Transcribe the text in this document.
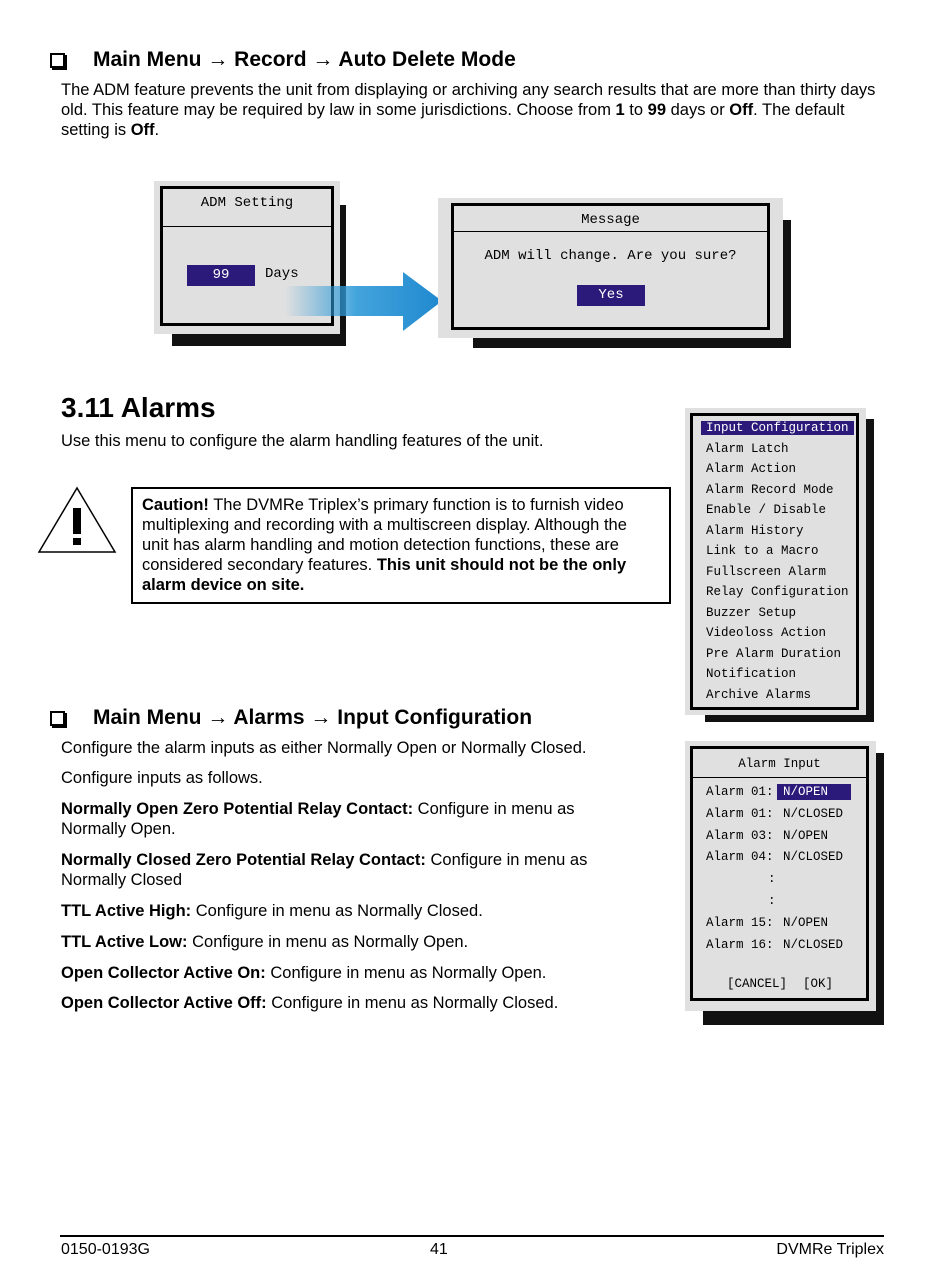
Main Menu → Record → Auto Delete Mode
The ADM feature prevents the unit from displaying or archiving any search results that are more than thirty days old. This feature may be required by law in some jurisdictions. Choose from 1 to 99 days or Off. The default setting is Off.
ADM Setting
99	Days
Message
ADM will change. Are you sure?
Yes
3.11 Alarms
Use this menu to configure the alarm handling features of the unit.
Caution! The DVMRe Triplex’s primary function is to furnish video multiplexing and recording with a multiscreen display. Although the unit has alarm handling and motion detection functions, these are considered secondary features. This unit should not be the only alarm device on site.
Input Configuration
Alarm Latch
Alarm Action
Alarm Record Mode
Enable / Disable
Alarm History
Link to a Macro
Fullscreen Alarm
Relay Configuration
Buzzer Setup
Videoloss Action
Pre Alarm Duration
Notification
Archive Alarms
Main Menu → Alarms → Input Configuration
Configure the alarm inputs as either Normally Open or Normally Closed.
Configure inputs as follows.
Normally Open Zero Potential Relay Contact: Configure in menu as Normally Open.
Normally Closed Zero Potential Relay Contact: Configure in menu as Normally Closed
TTL Active High: Configure in menu as Normally Closed.
TTL Active Low: Configure in menu as Normally Open.
Open Collector Active On: Configure in menu as Normally Open.
Open Collector Active Off: Configure in menu as Normally Closed.
Alarm Input
Alarm 01: N/OPEN
Alarm 01: N/CLOSED
Alarm 03: N/OPEN
Alarm 04: N/CLOSED
:
:
Alarm 15: N/OPEN
Alarm 16: N/CLOSED
[CANCEL] [OK]
0150-0193G	41	DVMRe Triplex
